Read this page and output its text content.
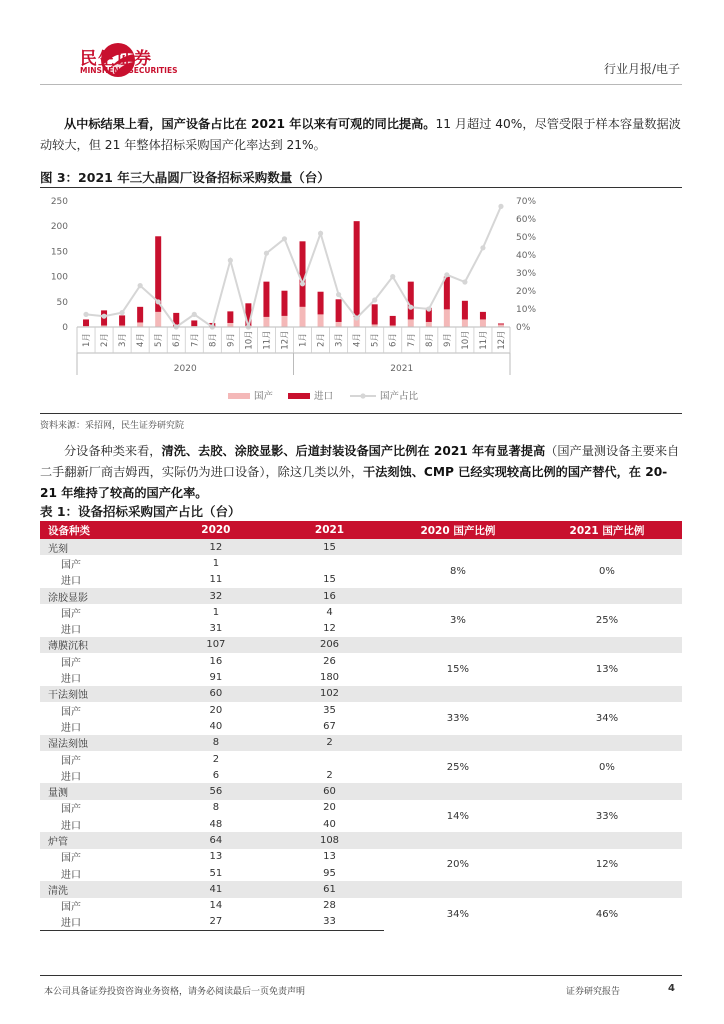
民生证券
MINSHENG SECURITIES	行业月报/电子
从中标结果上看，国产设备占比在 2021 年以来有可观的同比提高。11 月超过 40%，尽管受限于样本容量数据波动较大，但 21 年整体招标采购国产化率达到 21%。
图 3：2021 年三大晶圆厂设备招标采购数量（台）
0
50
100
150
200
250
0%
10%
20%
30%
40%
50%
60%
70%
1月 2月 3月 4月 5月 6月 7月 8月 9月 10月 11月 12月 1月 2月 3月 4月 5月 6月 7月 8月 9月 10月 11月 12月
2020	2021
国产	进口	国产占比
资料来源：采招网，民生证券研究院
分设备种类来看，清洗、去胶、涂胶显影、后道封装设备国产比例在 2021 年有显著提高（国产量测设备主要来自二手翻新厂商吉姆西，实际仍为进口设备），除这几类以外，干法刻蚀、CMP 已经实现较高比例的国产替代，在 20-21 年维持了较高的国产化率。
表 1：设备招标采购国产占比（台）
设备种类	2020	2021	2020 国产比例	2021 国产比例
光刻	12	15		
国产	1		8%	0%
进口	11	15		
涂胶显影	32	16		
国产	1	4	3%	25%
进口	31	12		
薄膜沉积	107	206		
国产	16	26	15%	13%
进口	91	180		
干法刻蚀	60	102		
国产	20	35	33%	34%
进口	40	67		
湿法刻蚀	8	2		
国产	2		25%	0%
进口	6	2		
量测	56	60		
国产	8	20	14%	33%
进口	48	40		
炉管	64	108		
国产	13	13	20%	12%
进口	51	95		
清洗	41	61		
国产	14	28	34%	46%
进口	27	33		
本公司具备证券投资咨询业务资格，请务必阅读最后一页免责声明	证券研究报告	4
